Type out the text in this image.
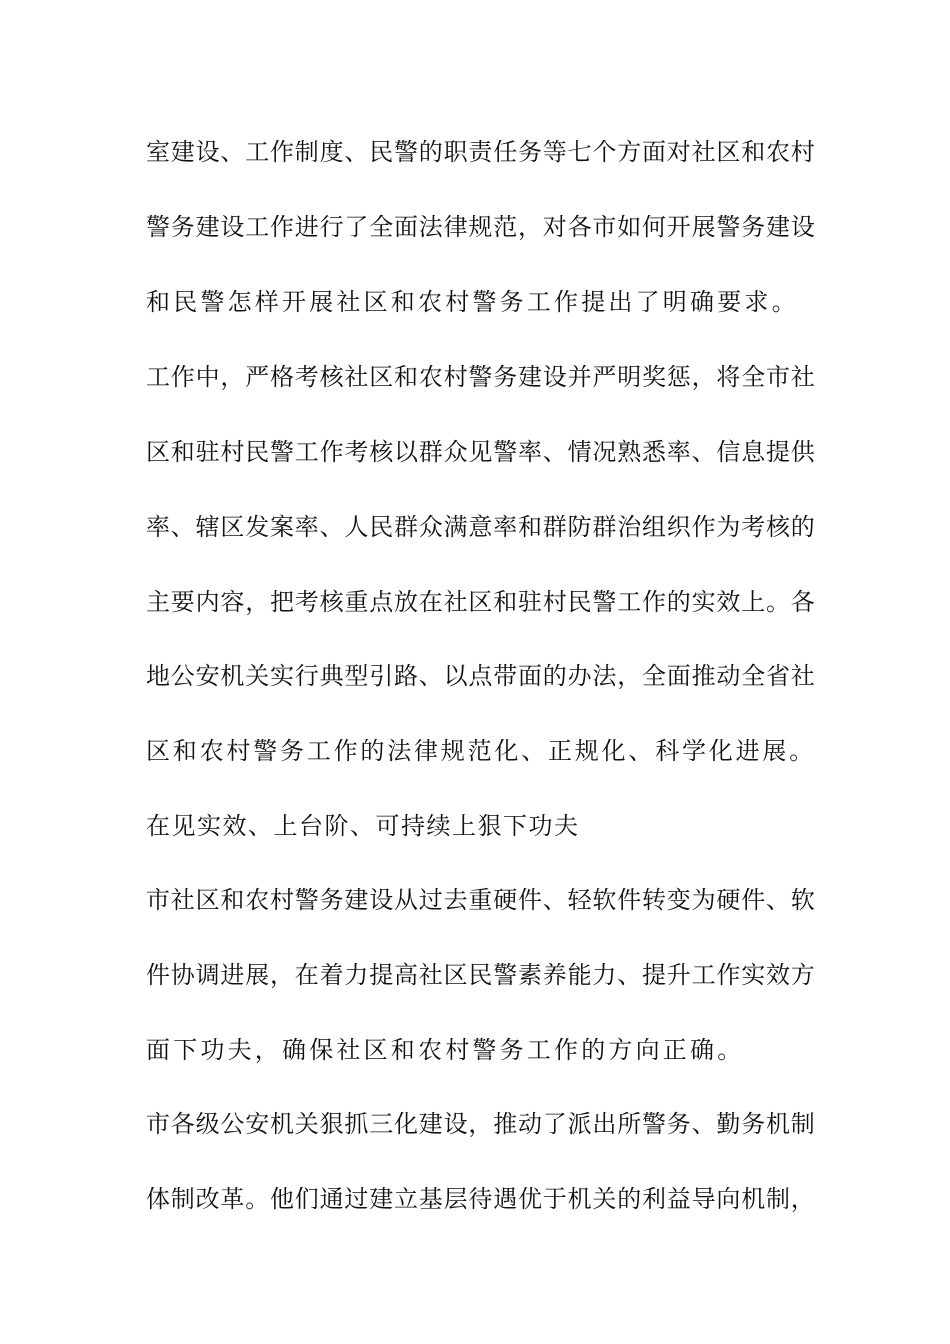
室建设、工作制度、民警的职责任务等七个方面对社区和农村

警务建设工作进行了全面法律规范，对各市如何开展警务建设

和民警怎样开展社区和农村警务工作提出了明确要求。

工作中，严格考核社区和农村警务建设并严明奖惩，将全市社

区和驻村民警工作考核以群众见警率、情况熟悉率、信息提供

率、辖区发案率、人民群众满意率和群防群治组织作为考核的

主要内容，把考核重点放在社区和驻村民警工作的实效上。各

地公安机关实行典型引路、以点带面的办法，全面推动全省社

区和农村警务工作的法律规范化、正规化、科学化进展。

在见实效、上台阶、可持续上狠下功夫

市社区和农村警务建设从过去重硬件、轻软件转变为硬件、软

件协调进展，在着力提高社区民警素养能力、提升工作实效方

面下功夫，确保社区和农村警务工作的方向正确。

市各级公安机关狠抓三化建设，推动了派出所警务、勤务机制

体制改革。他们通过建立基层待遇优于机关的利益导向机制，
